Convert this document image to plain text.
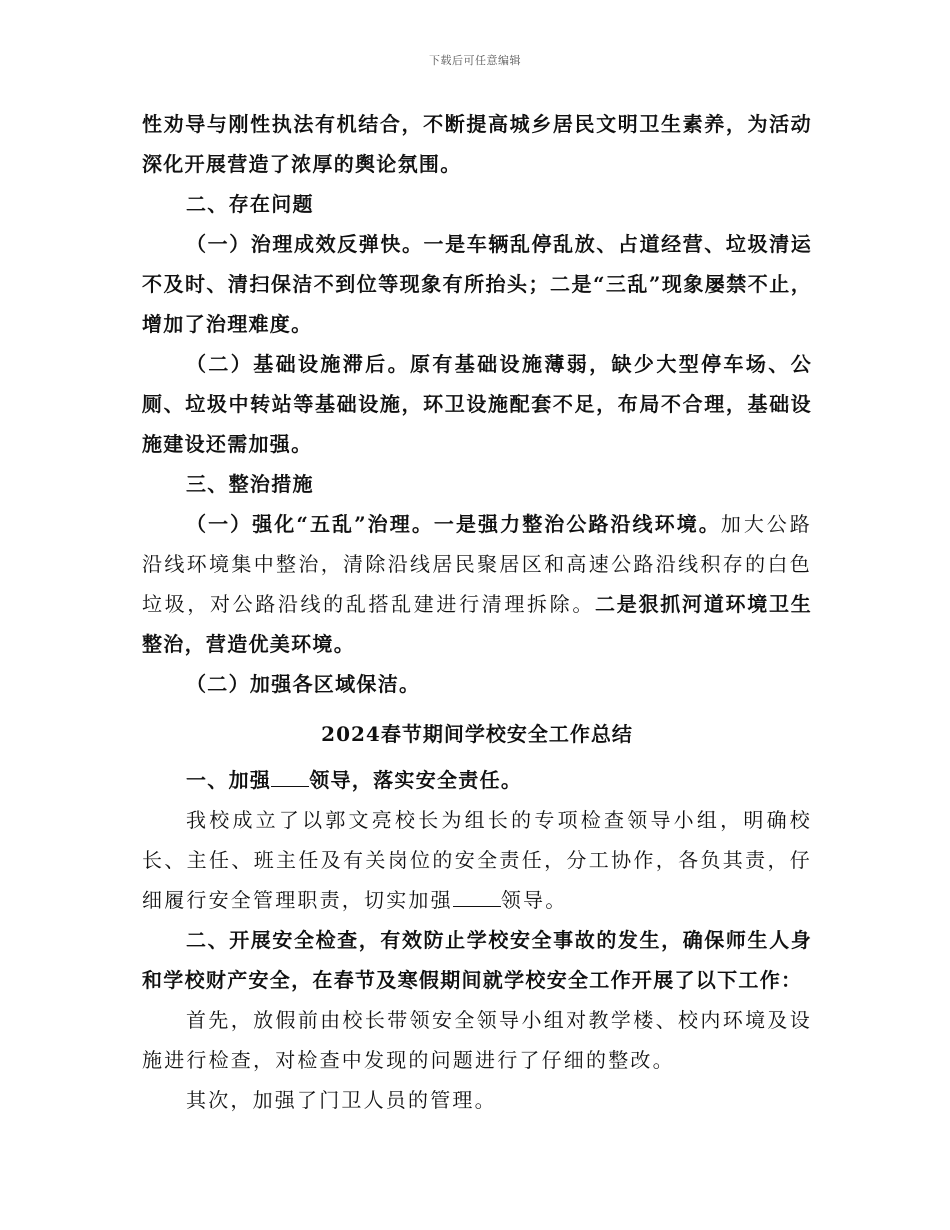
下载后可任意编辑

性劝导与刚性执法有机结合，不断提高城乡居民文明卫生素养，为活动深化开展营造了浓厚的舆论氛围。

二、存在问题

（一）治理成效反弹快。一是车辆乱停乱放、占道经营、垃圾清运不及时、清扫保洁不到位等现象有所抬头；二是“三乱”现象屡禁不止，增加了治理难度。

（二）基础设施滞后。原有基础设施薄弱，缺少大型停车场、公厕、垃圾中转站等基础设施，环卫设施配套不足，布局不合理，基础设施建设还需加强。

三、整治措施

（一）强化“五乱”治理。一是强力整治公路沿线环境。加大公路沿线环境集中整治，清除沿线居民聚居区和高速公路沿线积存的白色垃圾，对公路沿线的乱搭乱建进行清理拆除。二是狠抓河道环境卫生整治，营造优美环境。

（二）加强各区域保洁。

2024春节期间学校安全工作总结

一、加强 领导，落实安全责任。

我校成立了以郭文亮校长为组长的专项检查领导小组，明确校长、主任、班主任及有关岗位的安全责任，分工协作，各负其责，仔细履行安全管理职责，切实加强 领导。

二、开展安全检查，有效防止学校安全事故的发生，确保师生人身和学校财产安全，在春节及寒假期间就学校安全工作开展了以下工作：

首先，放假前由校长带领安全领导小组对教学楼、校内环境及设施进行检查，对检查中发现的问题进行了仔细的整改。

其次，加强了门卫人员的管理。
